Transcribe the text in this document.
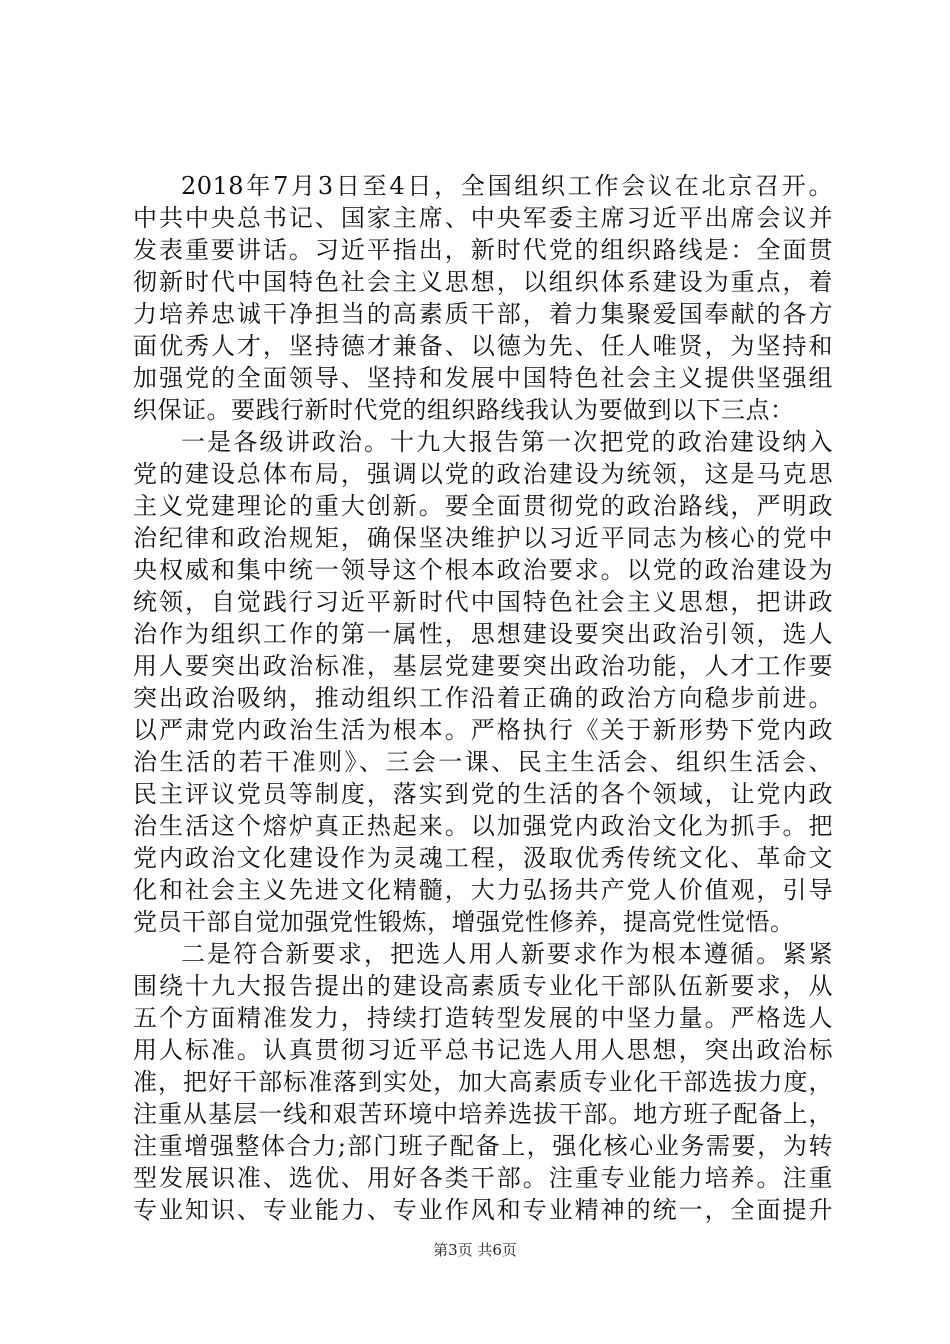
2018年7月3日至4日，全国组织工作会议在北京召开。
中共中央总书记、国家主席、中央军委主席习近平出席会议并
发表重要讲话。习近平指出，新时代党的组织路线是：全面贯
彻新时代中国特色社会主义思想，以组织体系建设为重点，着
力培养忠诚干净担当的高素质干部，着力集聚爱国奉献的各方
面优秀人才，坚持德才兼备、以德为先、任人唯贤，为坚持和
加强党的全面领导、坚持和发展中国特色社会主义提供坚强组
织保证。要践行新时代党的组织路线我认为要做到以下三点：
一是各级讲政治。十九大报告第一次把党的政治建设纳入
党的建设总体布局，强调以党的政治建设为统领，这是马克思
主义党建理论的重大创新。要全面贯彻党的政治路线，严明政
治纪律和政治规矩，确保坚决维护以习近平同志为核心的党中
央权威和集中统一领导这个根本政治要求。以党的政治建设为
统领，自觉践行习近平新时代中国特色社会主义思想，把讲政
治作为组织工作的第一属性，思想建设要突出政治引领，选人
用人要突出政治标准，基层党建要突出政治功能，人才工作要
突出政治吸纳，推动组织工作沿着正确的政治方向稳步前进。
以严肃党内政治生活为根本。严格执行《关于新形势下党内政
治生活的若干准则》、三会一课、民主生活会、组织生活会、
民主评议党员等制度，落实到党的生活的各个领域，让党内政
治生活这个熔炉真正热起来。以加强党内政治文化为抓手。把
党内政治文化建设作为灵魂工程，汲取优秀传统文化、革命文
化和社会主义先进文化精髓，大力弘扬共产党人价值观，引导
党员干部自觉加强党性锻炼，增强党性修养，提高党性觉悟。
二是符合新要求，把选人用人新要求作为根本遵循。紧紧
围绕十九大报告提出的建设高素质专业化干部队伍新要求，从
五个方面精准发力，持续打造转型发展的中坚力量。严格选人
用人标准。认真贯彻习近平总书记选人用人思想，突出政治标
准，把好干部标准落到实处，加大高素质专业化干部选拔力度，
注重从基层一线和艰苦环境中培养选拔干部。地方班子配备上，
注重增强整体合力;部门班子配备上，强化核心业务需要，为转
型发展识准、选优、用好各类干部。注重专业能力培养。注重
专业知识、专业能力、专业作风和专业精神的统一，全面提升
第3页 共6页
